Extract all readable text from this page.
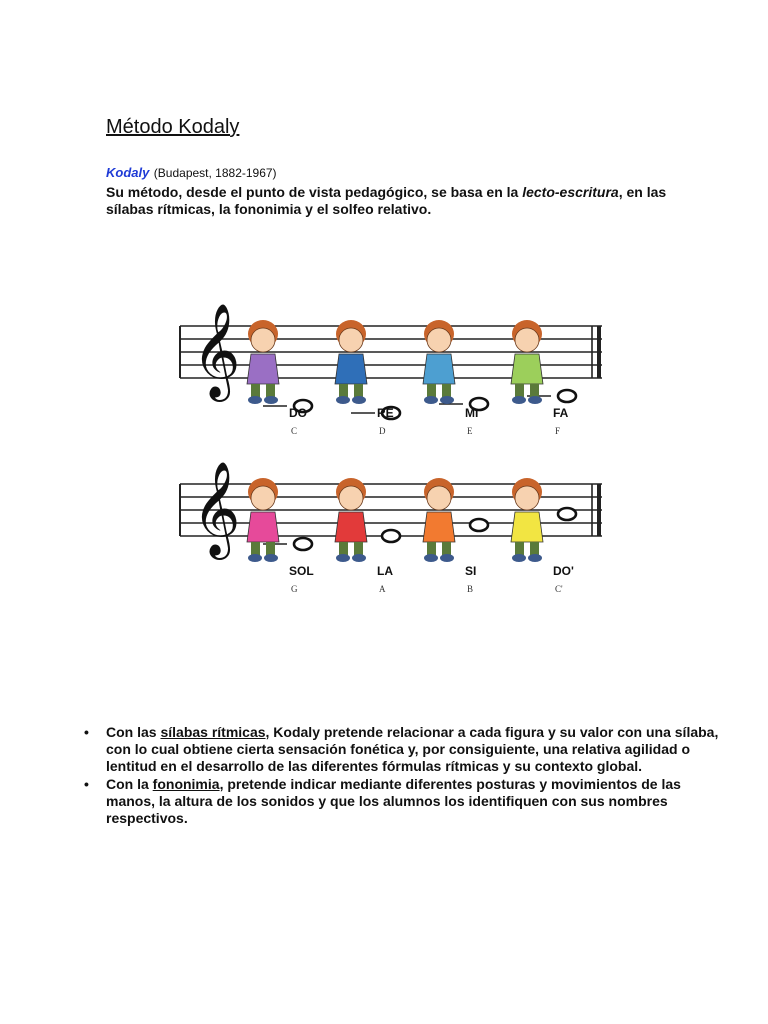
Método Kodaly
Kodaly (Budapest, 1882-1967)
Su método, desde el punto de vista pedagógico, se basa en la lecto-escritura, en las sílabas rítmicas, la fononimia y el solfeo relativo.
𝄞
DO
C
RE
D
MI
E
FA
F
𝄞
SOL
G
LA
A
SI
B
DO'
C'
•	Con las sílabas rítmicas, Kodaly pretende relacionar a cada figura y su valor con una sílaba, con lo cual obtiene cierta sensación fonética y, por consiguiente, una relativa agilidad o lentitud en el desarrollo de las diferentes fórmulas rítmicas y su contexto global.
•	Con la fononimia, pretende indicar mediante diferentes posturas y movimientos de las manos, la altura de los sonidos y que los alumnos los identifiquen con sus nombres respectivos.
